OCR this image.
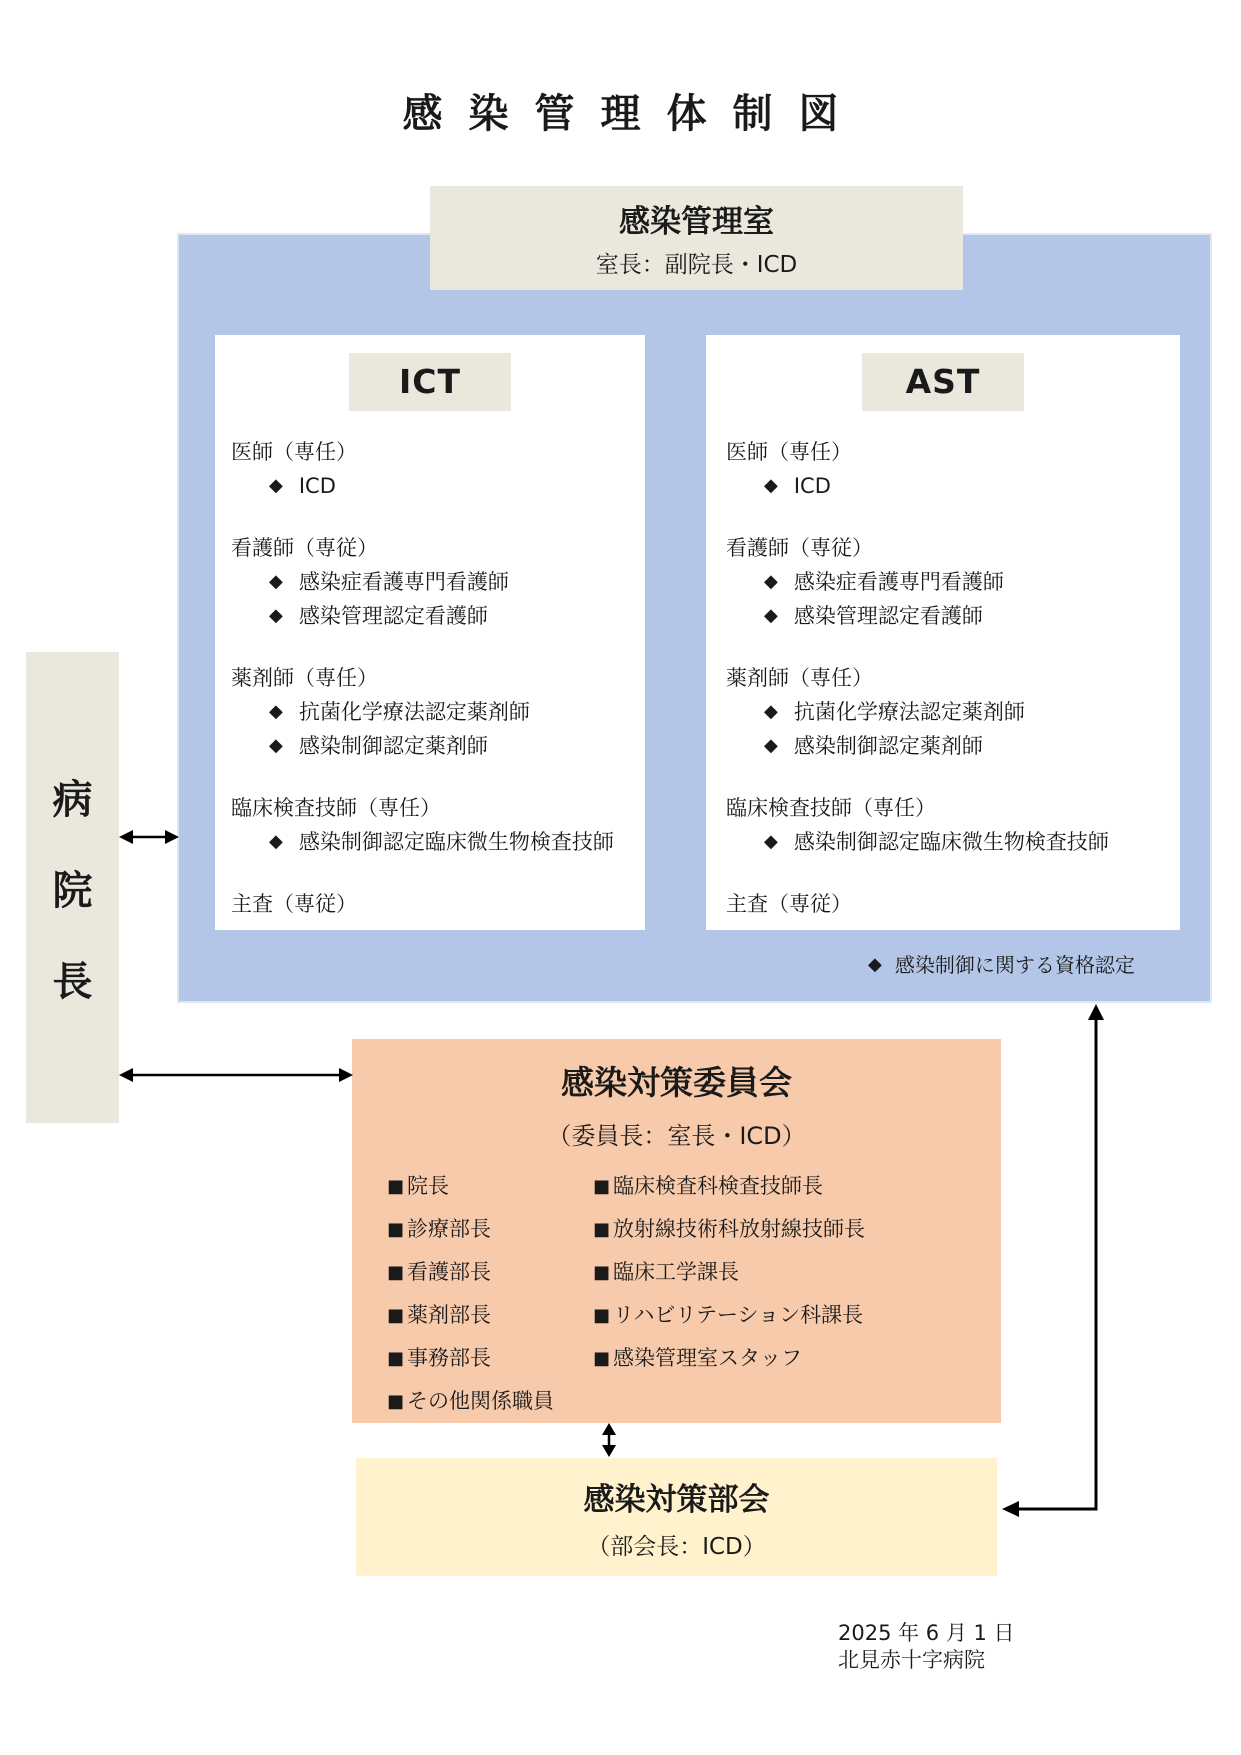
感染管理体制図
感染管理室
室長：副院長・ICD
ICT
医師（専任）
◆ ICD
看護師（専従）
◆ 感染症看護専門看護師
◆ 感染管理認定看護師
薬剤師（専任）
◆ 抗菌化学療法認定薬剤師
◆ 感染制御認定薬剤師
臨床検査技師（専任）
◆ 感染制御認定臨床微生物検査技師
主査（専従）
AST
医師（専任）
◆ ICD
看護師（専従）
◆ 感染症看護専門看護師
◆ 感染管理認定看護師
薬剤師（専任）
◆ 抗菌化学療法認定薬剤師
◆ 感染制御認定薬剤師
臨床検査技師（専任）
◆ 感染制御認定臨床微生物検査技師
主査（専従）
◆ 感染制御に関する資格認定
病
院
長
感染対策委員会
（委員長：室長・ICD）
■ 院長
■ 診療部長
■ 看護部長
■ 薬剤部長
■ 事務部長
■ その他関係職員
■ 臨床検査科検査技師長
■ 放射線技術科放射線技師長
■ 臨床工学課長
■ リハビリテーション科課長
■ 感染管理室スタッフ
感染対策部会
（部会長：ICD）
2025 年 6 月 1 日
北見赤十字病院
